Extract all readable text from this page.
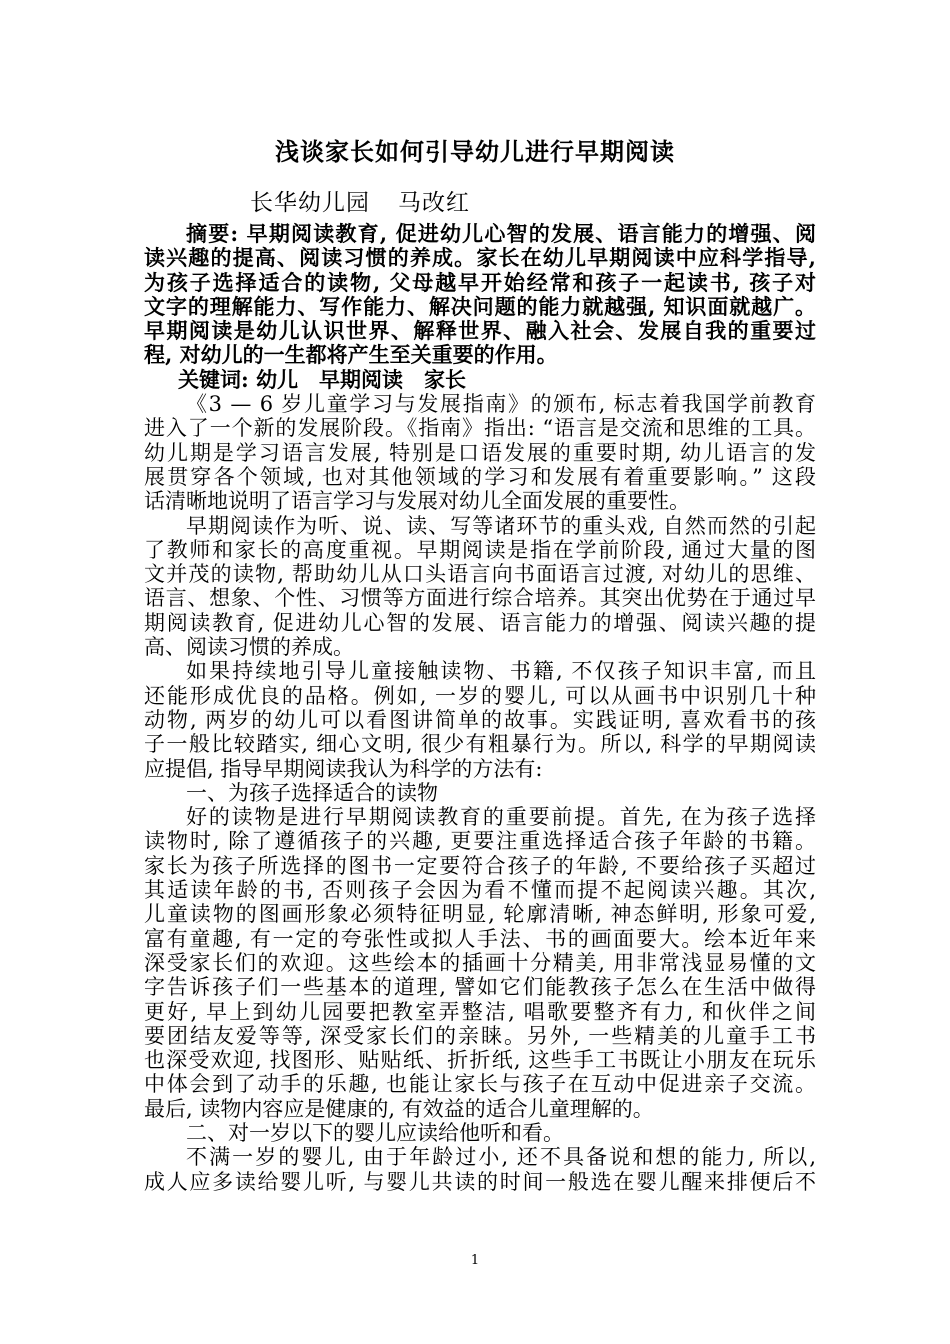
浅谈家长如何引导幼儿进行早期阅读
长华幼儿园 马改红
摘要: 早期阅读教育, 促进幼儿心智的发展、语言能力的增强、阅
读兴趣的提高、阅读习惯的养成。家长在幼儿早期阅读中应科学指导,
为孩子选择适合的读物, 父母越早开始经常和孩子一起读书, 孩子对
文字的理解能力、写作能力、解决问题的能力就越强, 知识面就越广。
早期阅读是幼儿认识世界、解释世界、融入社会、发展自我的重要过
程, 对幼儿的一生都将产生至关重要的作用。
关键词: 幼儿　早期阅读　家长
《3 — 6 岁儿童学习与发展指南》的颁布, 标志着我国学前教育
进入了一个新的发展阶段。《指南》指出: “语言是交流和思维的工具。
幼儿期是学习语言发展, 特别是口语发展的重要时期, 幼儿语言的发
展贯穿各个领域, 也对其他领域的学习和发展有着重要影响。” 这段
话清晰地说明了语言学习与发展对幼儿全面发展的重要性。
早期阅读作为听、说、读、写等诸环节的重头戏, 自然而然的引起
了教师和家长的高度重视。早期阅读是指在学前阶段, 通过大量的图
文并茂的读物, 帮助幼儿从口头语言向书面语言过渡, 对幼儿的思维、
语言、想象、个性、习惯等方面进行综合培养。其突出优势在于通过早
期阅读教育, 促进幼儿心智的发展、语言能力的增强、阅读兴趣的提
高、阅读习惯的养成。
如果持续地引导儿童接触读物、书籍, 不仅孩子知识丰富, 而且
还能形成优良的品格。例如, 一岁的婴儿, 可以从画书中识别几十种
动物, 两岁的幼儿可以看图讲简单的故事。实践证明, 喜欢看书的孩
子一般比较踏实, 细心文明, 很少有粗暴行为。所以, 科学的早期阅读
应提倡, 指导早期阅读我认为科学的方法有:
一、为孩子选择适合的读物
好的读物是进行早期阅读教育的重要前提。首先, 在为孩子选择
读物时, 除了遵循孩子的兴趣, 更要注重选择适合孩子年龄的书籍。
家长为孩子所选择的图书一定要符合孩子的年龄, 不要给孩子买超过
其适读年龄的书, 否则孩子会因为看不懂而提不起阅读兴趣。其次,
儿童读物的图画形象必须特征明显, 轮廓清晰, 神态鲜明, 形象可爱,
富有童趣, 有一定的夸张性或拟人手法、书的画面要大。绘本近年来
深受家长们的欢迎。这些绘本的插画十分精美, 用非常浅显易懂的文
字告诉孩子们一些基本的道理, 譬如它们能教孩子怎么在生活中做得
更好, 早上到幼儿园要把教室弄整洁, 唱歌要整齐有力, 和伙伴之间
要团结友爱等等, 深受家长们的亲睐。另外, 一些精美的儿童手工书
也深受欢迎, 找图形、贴贴纸、折折纸, 这些手工书既让小朋友在玩乐
中体会到了动手的乐趣, 也能让家长与孩子在互动中促进亲子交流。
最后, 读物内容应是健康的, 有效益的适合儿童理解的。
二、对一岁以下的婴儿应读给他听和看。
不满一岁的婴儿, 由于年龄过小, 还不具备说和想的能力, 所以,
成人应多读给婴儿听, 与婴儿共读的时间一般选在婴儿醒来排便后不
1
